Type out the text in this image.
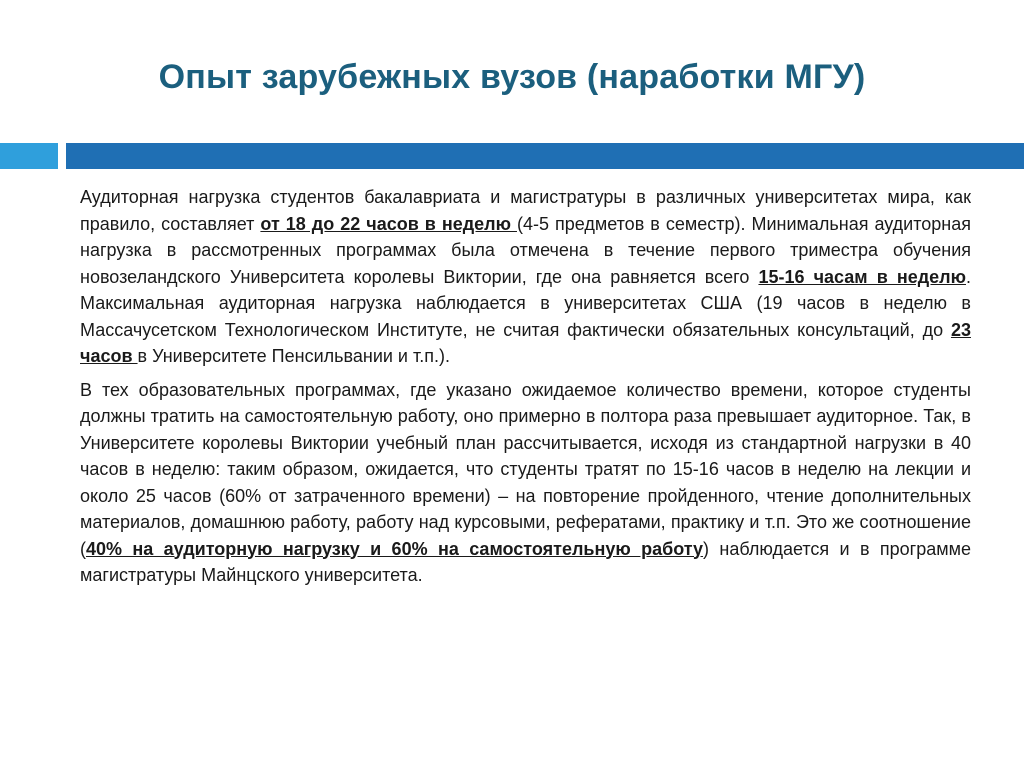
Опыт зарубежных вузов (наработки МГУ)

Аудиторная нагрузка студентов бакалавриата и магистратуры в различных университетах мира, как правило, составляет от 18 до 22 часов в неделю (4-5 предметов в семестр). Минимальная аудиторная нагрузка в рассмотренных программах была отмечена в течение первого триместра обучения новозеландского Университета королевы Виктории, где она равняется всего 15-16 часам в неделю. Максимальная аудиторная нагрузка наблюдается в университетах США (19 часов в неделю в Массачусетском Технологическом Институте, не считая фактически обязательных консультаций, до 23 часов в Университете Пенсильвании и т.п.).

В тех образовательных программах, где указано ожидаемое количество времени, которое студенты должны тратить на самостоятельную работу, оно примерно в полтора раза превышает аудиторное. Так, в Университете королевы Виктории учебный план рассчитывается, исходя из стандартной нагрузки в 40 часов в неделю: таким образом, ожидается, что студенты тратят по 15-16 часов в неделю на лекции и около 25 часов (60% от затраченного времени) – на повторение пройденного, чтение дополнительных материалов, домашнюю работу, работу над курсовыми, рефератами, практику и т.п. Это же соотношение (40% на аудиторную нагрузку и 60% на самостоятельную работу) наблюдается и в программе магистратуры Майнцского университета.
